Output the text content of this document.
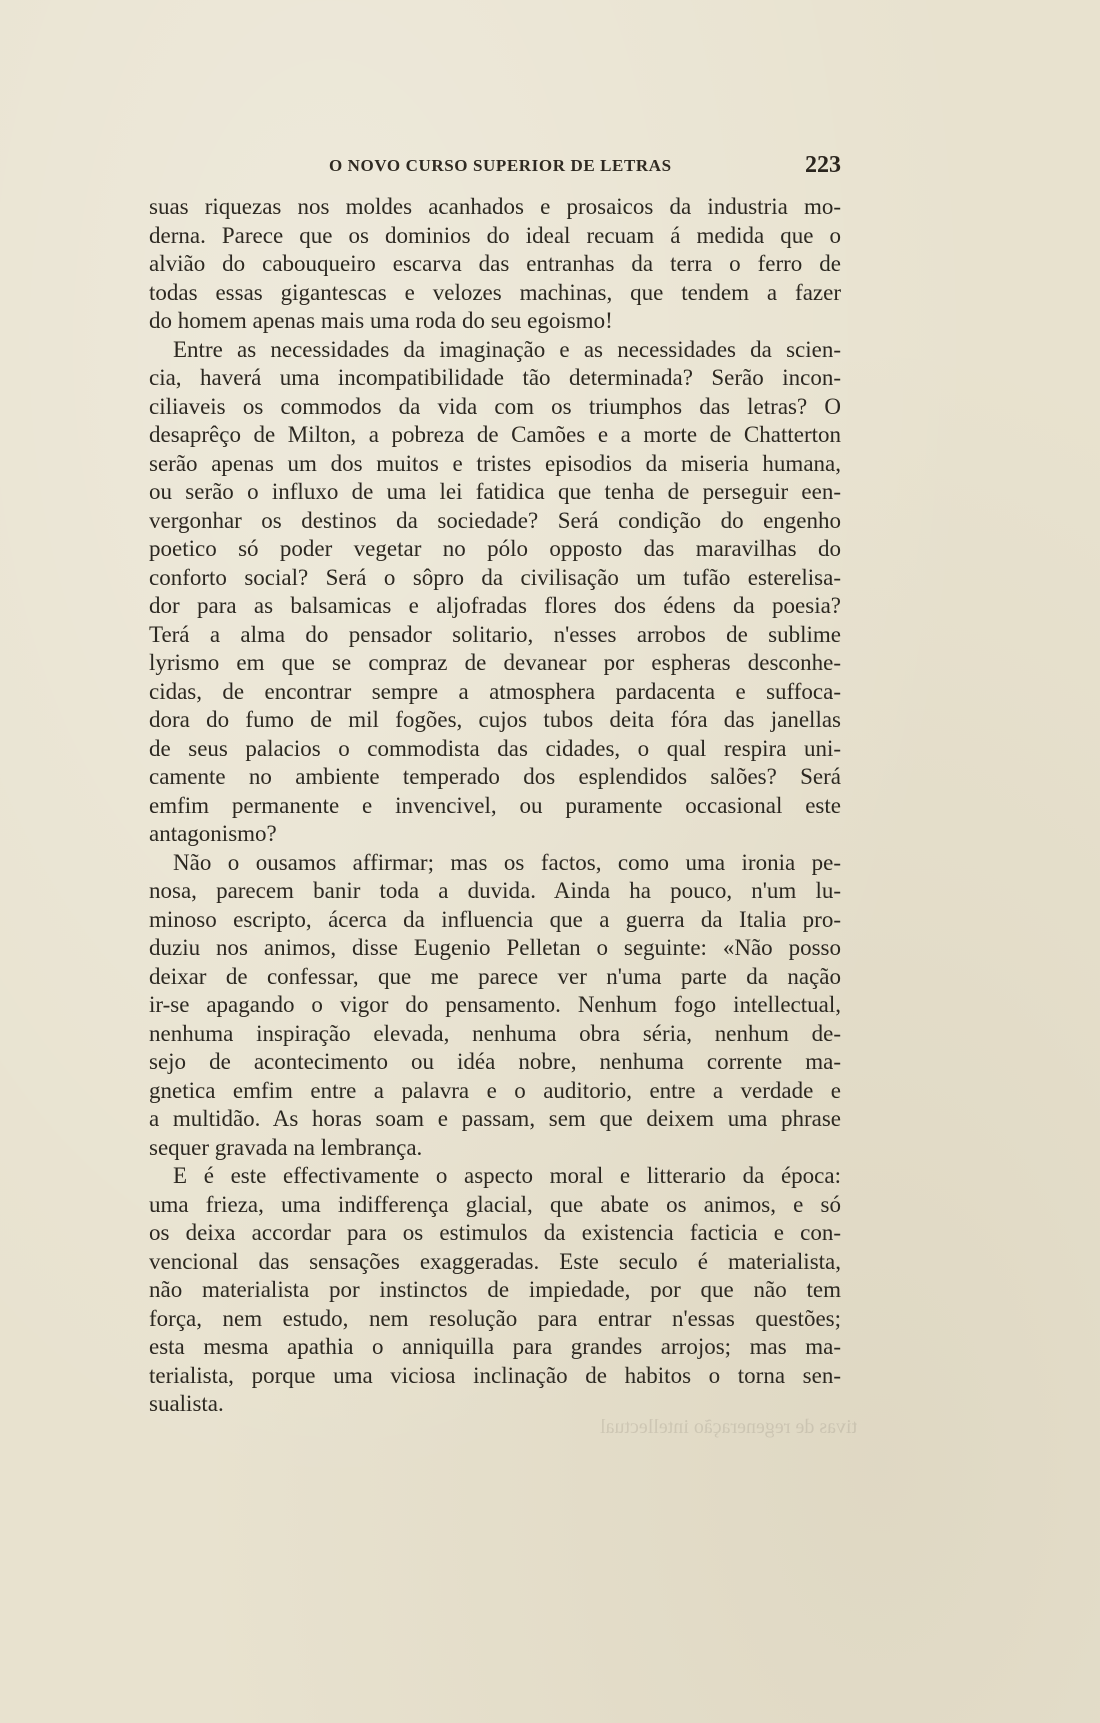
O NOVO CURSO SUPERIOR DE LETRAS	223
suas riquezas nos moldes acanhados e prosaicos da industria mo-
derna. Parece que os dominios do ideal recuam á medida que o
alvião do cabouqueiro escarva das entranhas da terra o ferro de
todas essas gigantescas e velozes machinas, que tendem a fazer
do homem apenas mais uma roda do seu egoismo!
Entre as necessidades da imaginação e as necessidades da scien-
cia, haverá uma incompatibilidade tão determinada? Serão incon-
ciliaveis os commodos da vida com os triumphos das letras? O
desaprêço de Milton, a pobreza de Camões e a morte de Chatterton
serão apenas um dos muitos e tristes episodios da miseria humana,
ou serão o influxo de uma lei fatidica que tenha de perseguir een-
vergonhar os destinos da sociedade? Será condição do engenho
poetico só poder vegetar no pólo opposto das maravilhas do
conforto social? Será o sôpro da civilisação um tufão esterelisa-
dor para as balsamicas e aljofradas flores dos édens da poesia?
Terá a alma do pensador solitario, n'esses arrobos de sublime
lyrismo em que se compraz de devanear por espheras desconhe-
cidas, de encontrar sempre a atmosphera pardacenta e suffoca-
dora do fumo de mil fogões, cujos tubos deita fóra das janellas
de seus palacios o commodista das cidades, o qual respira uni-
camente no ambiente temperado dos esplendidos salões? Será
emfim permanente e invencivel, ou puramente occasional este
antagonismo?
Não o ousamos affirmar; mas os factos, como uma ironia pe-
nosa, parecem banir toda a duvida. Ainda ha pouco, n'um lu-
minoso escripto, ácerca da influencia que a guerra da Italia pro-
duziu nos animos, disse Eugenio Pelletan o seguinte: «Não posso
deixar de confessar, que me parece ver n'uma parte da nação
ir-se apagando o vigor do pensamento. Nenhum fogo intellectual,
nenhuma inspiração elevada, nenhuma obra séria, nenhum de-
sejo de acontecimento ou idéa nobre, nenhuma corrente ma-
gnetica emfim entre a palavra e o auditorio, entre a verdade e
a multidão. As horas soam e passam, sem que deixem uma phrase
sequer gravada na lembrança.
E é este effectivamente o aspecto moral e litterario da época:
uma frieza, uma indifferença glacial, que abate os animos, e só
os deixa accordar para os estimulos da existencia facticia e con-
vencional das sensações exaggeradas. Este seculo é materialista,
não materialista por instinctos de impiedade, por que não tem
força, nem estudo, nem resolução para entrar n'essas questões;
esta mesma apathia o anniquilla para grandes arrojos; mas ma-
terialista, porque uma viciosa inclinação de habitos o torna sen-
sualista.
tivas de regeneração intellectual
